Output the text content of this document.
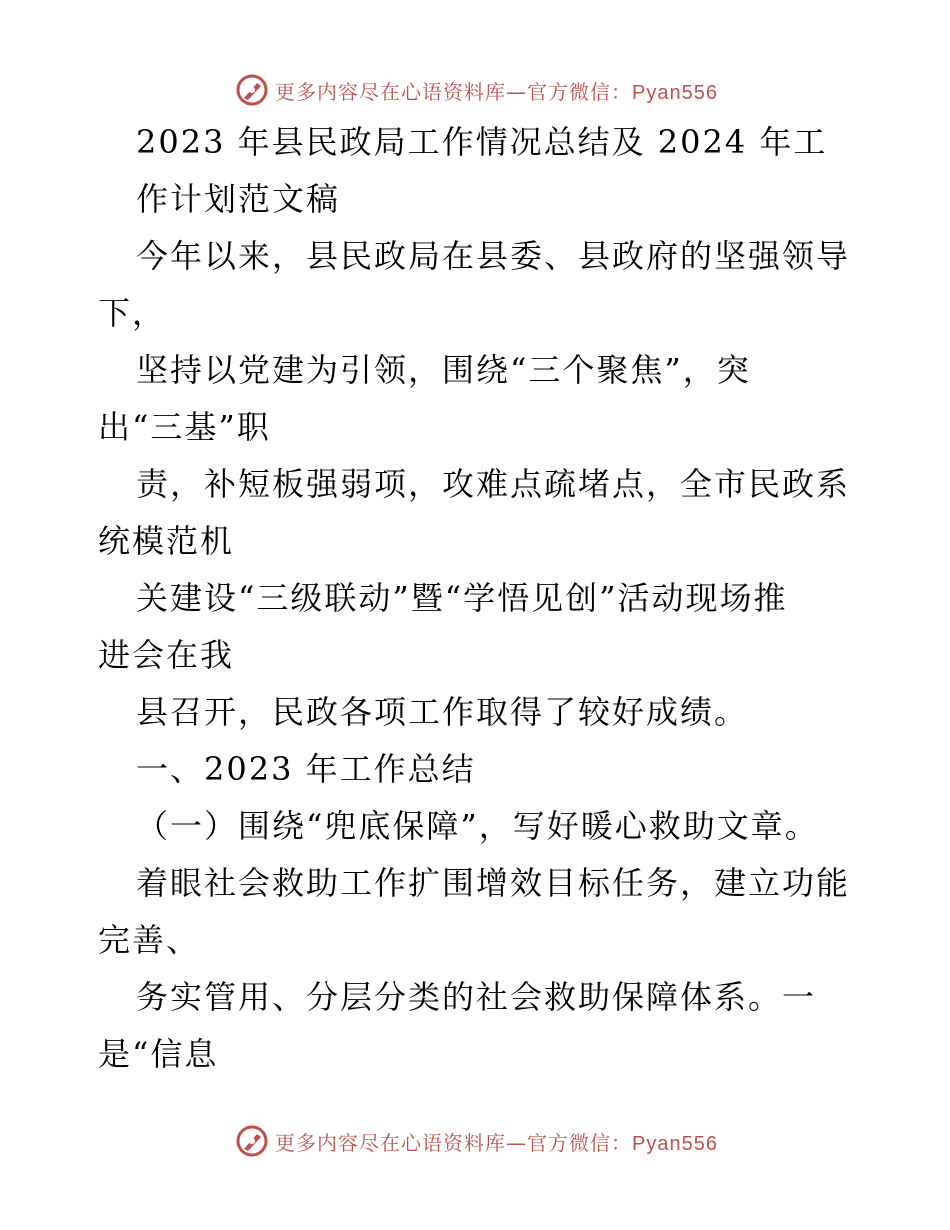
更多内容尽在心语资料库—官方微信：Pyan556
2023 年县民政局工作情况总结及 2024 年工
作计划范文稿
今年以来，县民政局在县委、县政府的坚强领导
下，
坚持以党建为引领，围绕“三个聚焦”，突
出“三基”职
责，补短板强弱项，攻难点疏堵点，全市民政系
统模范机
关建设“三级联动”暨“学悟见创”活动现场推
进会在我
县召开，民政各项工作取得了较好成绩。
一、2023 年工作总结
（一）围绕“兜底保障”，写好暖心救助文章。
着眼社会救助工作扩围增效目标任务，建立功能
完善、
务实管用、分层分类的社会救助保障体系。一
是“信息
更多内容尽在心语资料库—官方微信：Pyan556
